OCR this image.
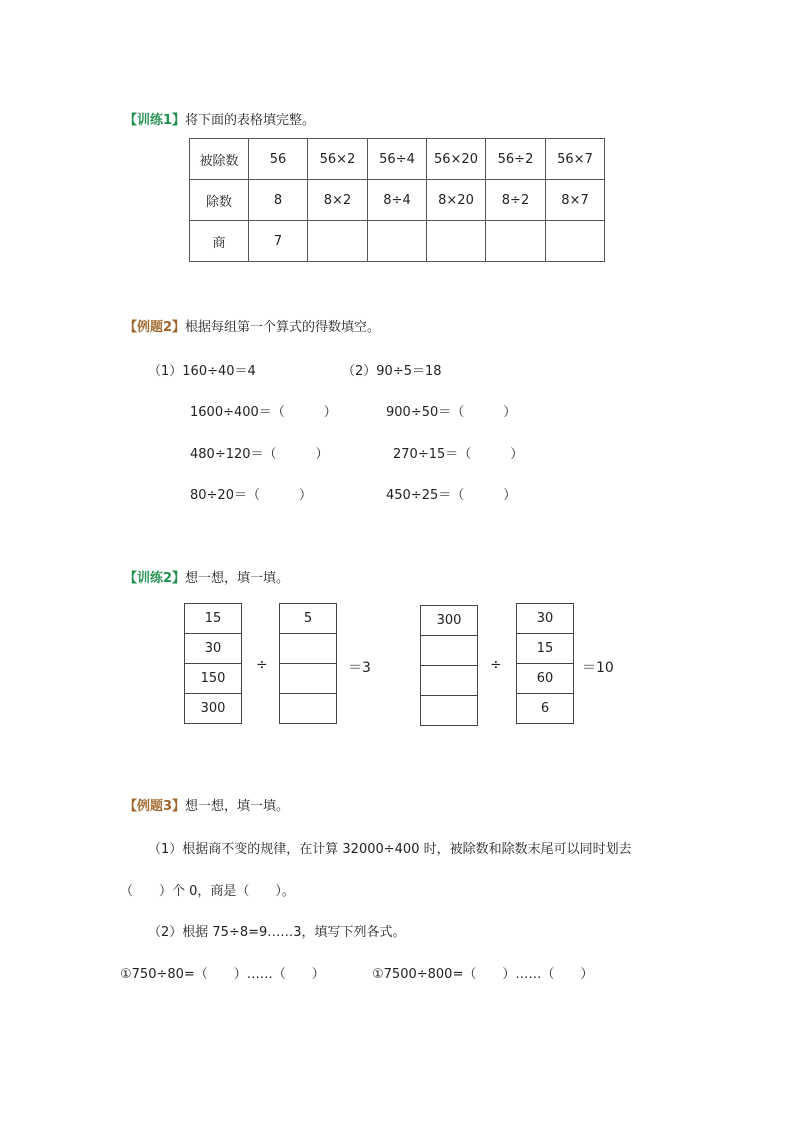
【训练1】将下面的表格填完整。
被除数	56	56×2	56÷4	56×20	56÷2	56×7
除数	8	8×2	8÷4	8×20	8÷2	8×7
商	7					
【例题2】根据每组第一个算式的得数填空。
（1）160÷40＝4	（2）90÷5＝18
1600÷400＝（　　　）
480÷120＝（　　　）
80÷20＝（　　　）
900÷50＝（　　　）
270÷15＝（　　　）
450÷25＝（　　　）
【训练2】想一想，填一填。
15
30
150
300
÷
5
＝3
300
÷
30
15
60
6
＝10
【例题3】想一想，填一填。
（1）根据商不变的规律，在计算 32000÷400 时，被除数和除数末尾可以同时划去
（　　）个 0，商是（　　）。
（2）根据 75÷8=9……3，填写下列各式。
①750÷80=（　　）……（　　）	①7500÷800=（　　）……（　　）
